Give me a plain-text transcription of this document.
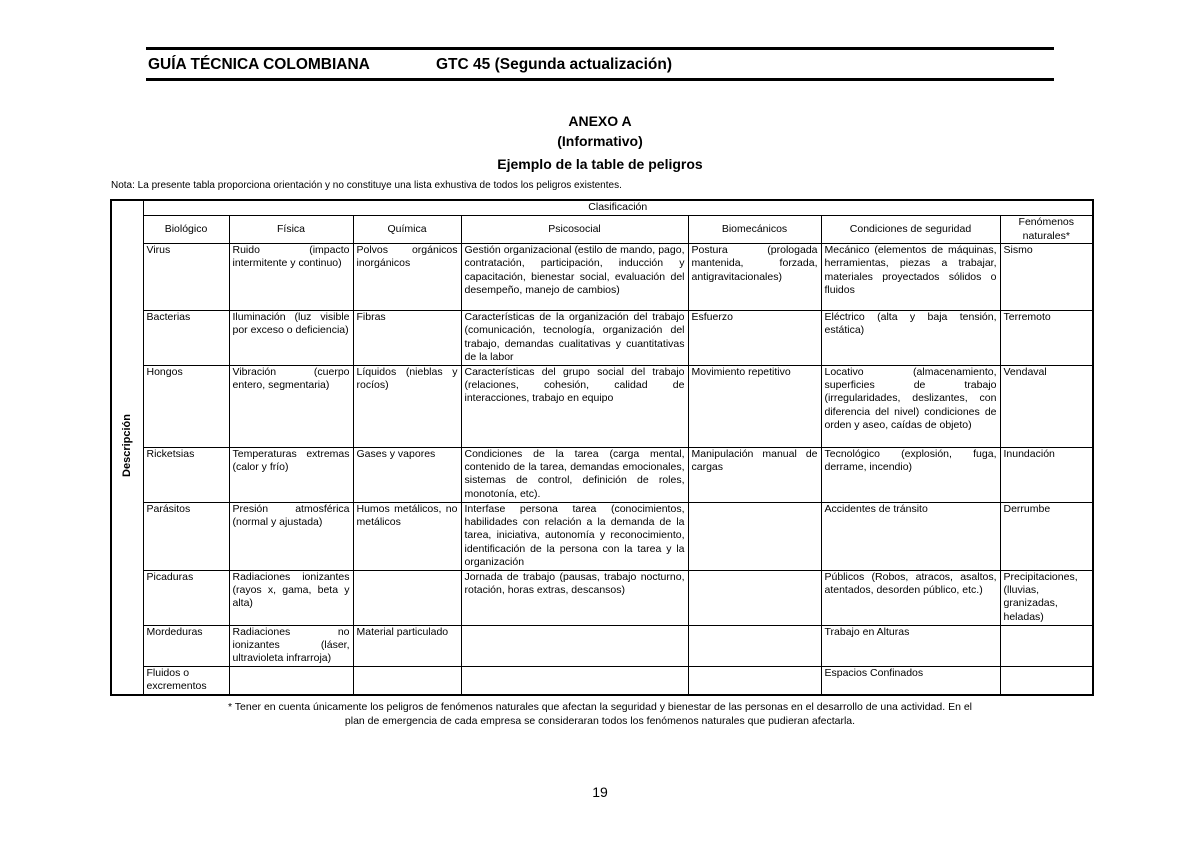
GUÍA TÉCNICA COLOMBIANA	GTC 45 (Segunda actualización)
ANEXO A
(Informativo)
Ejemplo de la table de peligros
Nota: La presente tabla proporciona orientación y no constituye una lista exhustiva de todos los peligros existentes.
Descripción	Clasificación						
	Biológico	Física	Química	Psicosocial	Biomecánicos	Condiciones de seguridad	Fenómenos naturales*
	Virus	Ruido (impacto intermitente y continuo)	Polvos orgánicos inorgánicos	Gestión organizacional (estilo de mando, pago, contratación, participación, inducción y capacitación, bienestar social, evaluación del desempeño, manejo de cambios)	Postura (prologada mantenida, forzada, antigravitacionales)	Mecánico (elementos de máquinas, herramientas, piezas a trabajar, materiales proyectados sólidos o fluidos	Sismo
	Bacterias	Iluminación (luz visible por exceso o deficiencia)	Fibras	Características de la organización del trabajo (comunicación, tecnología, organización del trabajo, demandas cualitativas y cuantitativas de la labor	Esfuerzo	Eléctrico (alta y baja tensión, estática)	Terremoto
	Hongos	Vibración (cuerpo entero, segmentaria)	Líquidos (nieblas y rocíos)	Características del grupo social del trabajo (relaciones, cohesión, calidad de interacciones, trabajo en equipo	Movimiento repetitivo	Locativo (almacenamiento, superficies de trabajo (irregularidades, deslizantes, con diferencia del nivel) condiciones de orden y aseo, caídas de objeto)	Vendaval
	Ricketsias	Temperaturas extremas (calor y frío)	Gases y vapores	Condiciones de la tarea (carga mental, contenido de la tarea, demandas emocionales, sistemas de control, definición de roles, monotonía, etc).	Manipulación manual de cargas	Tecnológico (explosión, fuga, derrame, incendio)	Inundación
	Parásitos	Presión atmosférica (normal y ajustada)	Humos metálicos, no metálicos	Interfase persona tarea (conocimientos, habilidades con relación a la demanda de la tarea, iniciativa, autonomía y reconocimiento, identificación de la persona con la tarea y la organización		Accidentes de tránsito	Derrumbe
	Picaduras	Radiaciones ionizantes (rayos x, gama, beta y alta)		Jornada de trabajo (pausas, trabajo nocturno, rotación, horas extras, descansos)		Públicos (Robos, atracos, asaltos, atentados, desorden público, etc.)	Precipitaciones, (lluvias, granizadas, heladas)
	Mordeduras	Radiaciones no ionizantes (láser, ultravioleta infrarroja)	Material particulado			Trabajo en Alturas	
	Fluidos o excrementos					Espacios Confinados	
* Tener en cuenta únicamente los peligros de fenómenos naturales que afectan la seguridad y bienestar de las personas en el desarrollo de una actividad. En el
plan de emergencia de cada empresa se consideraran todos los fenómenos naturales que pudieran afectarla.
19
